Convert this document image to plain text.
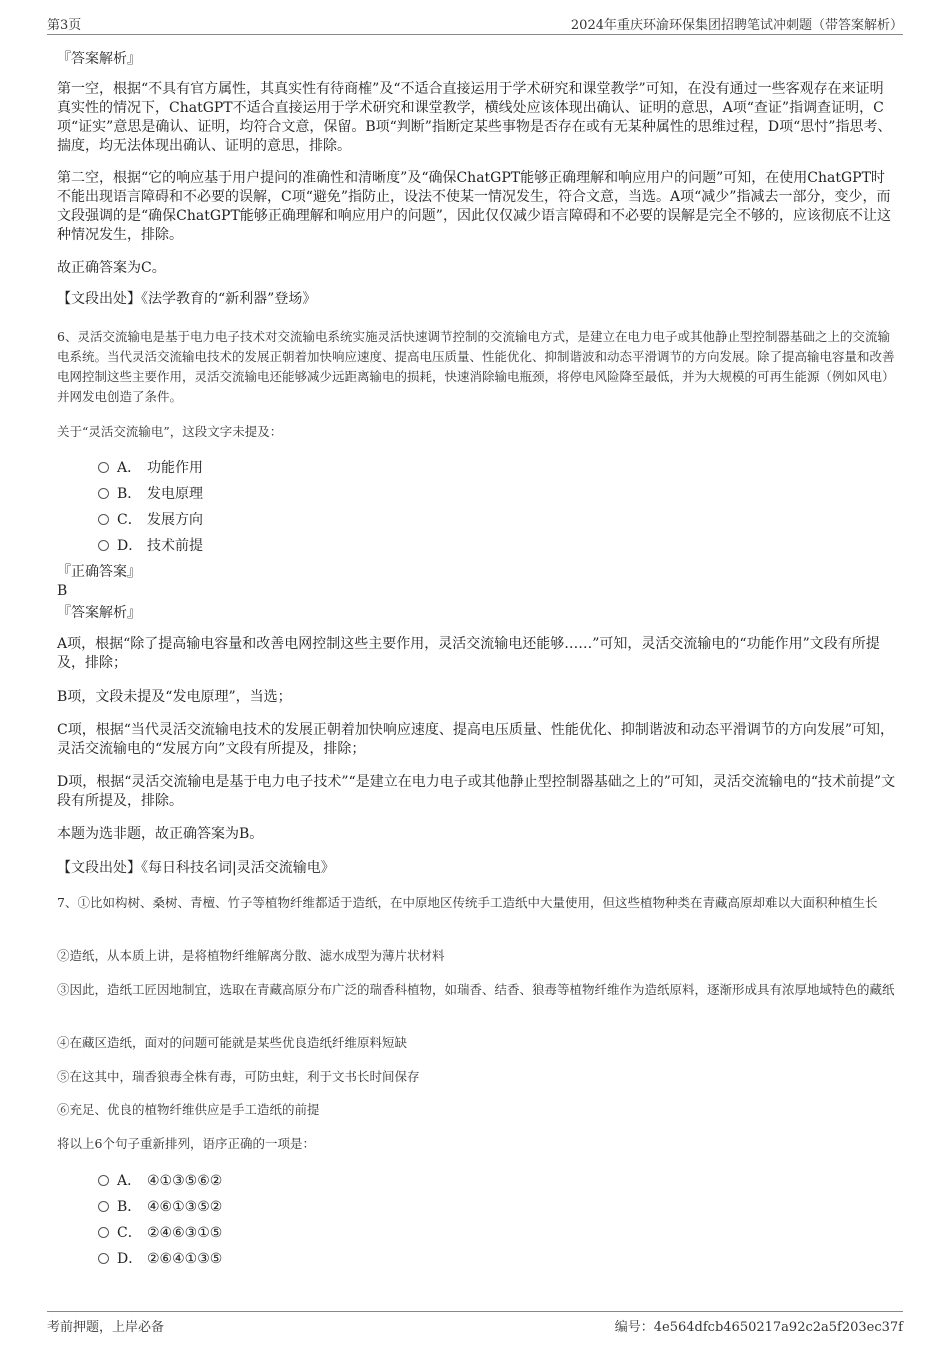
第3页	2024年重庆环渝环保集团招聘笔试冲刺题（带答案解析）
『答案解析』
第一空，根据“不具有官方属性，其真实性有待商榷”及“不适合直接运用于学术研究和课堂教学”可知，在没有通过一些客观存在来证明真实性的情况下，ChatGPT不适合直接运用于学术研究和课堂教学，横线处应该体现出确认、证明的意思，A项“查证”指调查证明，C项“证实”意思是确认、证明，均符合文意，保留。B项“判断”指断定某些事物是否存在或有无某种属性的思维过程，D项“思忖”指思考、揣度，均无法体现出确认、证明的意思，排除。
第二空，根据“它的响应基于用户提问的准确性和清晰度”及“确保ChatGPT能够正确理解和响应用户的问题”可知，在使用ChatGPT时不能出现语言障碍和不必要的误解，C项“避免”指防止，设法不使某一情况发生，符合文意，当选。A项“减少”指减去一部分，变少，而文段强调的是“确保ChatGPT能够正确理解和响应用户的问题”，因此仅仅减少语言障碍和不必要的误解是完全不够的，应该彻底不让这种情况发生，排除。
故正确答案为C。
【文段出处】《法学教育的“新利器”登场》
6、灵活交流输电是基于电力电子技术对交流输电系统实施灵活快速调节控制的交流输电方式，是建立在电力电子或其他静止型控制器基础之上的交流输电系统。当代灵活交流输电技术的发展正朝着加快响应速度、提高电压质量、性能优化、抑制谐波和动态平滑调节的方向发展。除了提高输电容量和改善电网控制这些主要作用，灵活交流输电还能够减少远距离输电的损耗，快速消除输电瓶颈，将停电风险降至最低，并为大规模的可再生能源（例如风电）并网发电创造了条件。
关于“灵活交流输电”，这段文字未提及：
A． 功能作用
B． 发电原理
C． 发展方向
D． 技术前提
『正确答案』
B
『答案解析』
A项，根据“除了提高输电容量和改善电网控制这些主要作用，灵活交流输电还能够……”可知，灵活交流输电的“功能作用”文段有所提及，排除；
B项，文段未提及“发电原理”，当选；
C项，根据“当代灵活交流输电技术的发展正朝着加快响应速度、提高电压质量、性能优化、抑制谐波和动态平滑调节的方向发展”可知，灵活交流输电的“发展方向”文段有所提及，排除；
D项，根据“灵活交流输电是基于电力电子技术”“是建立在电力电子或其他静止型控制器基础之上的”可知，灵活交流输电的“技术前提”文段有所提及，排除。
本题为选非题，故正确答案为B。
【文段出处】《每日科技名词|灵活交流输电》
7、①比如构树、桑树、青檀、竹子等植物纤维都适于造纸，在中原地区传统手工造纸中大量使用，但这些植物种类在青藏高原却难以大面积种植生长
②造纸，从本质上讲，是将植物纤维解离分散、滤水成型为薄片状材料
③因此，造纸工匠因地制宜，选取在青藏高原分布广泛的瑞香科植物，如瑞香、结香、狼毒等植物纤维作为造纸原料，逐渐形成具有浓厚地域特色的藏纸
④在藏区造纸，面对的问题可能就是某些优良造纸纤维原料短缺
⑤在这其中，瑞香狼毒全株有毒，可防虫蛀，利于文书长时间保存
⑥充足、优良的植物纤维供应是手工造纸的前提
将以上6个句子重新排列，语序正确的一项是：
A． ④①③⑤⑥②
B． ④⑥①③⑤②
C． ②④⑥③①⑤
D． ②⑥④①③⑤
考前押题，上岸必备	编号：4e564dfcb4650217a92c2a5f203ec37f
